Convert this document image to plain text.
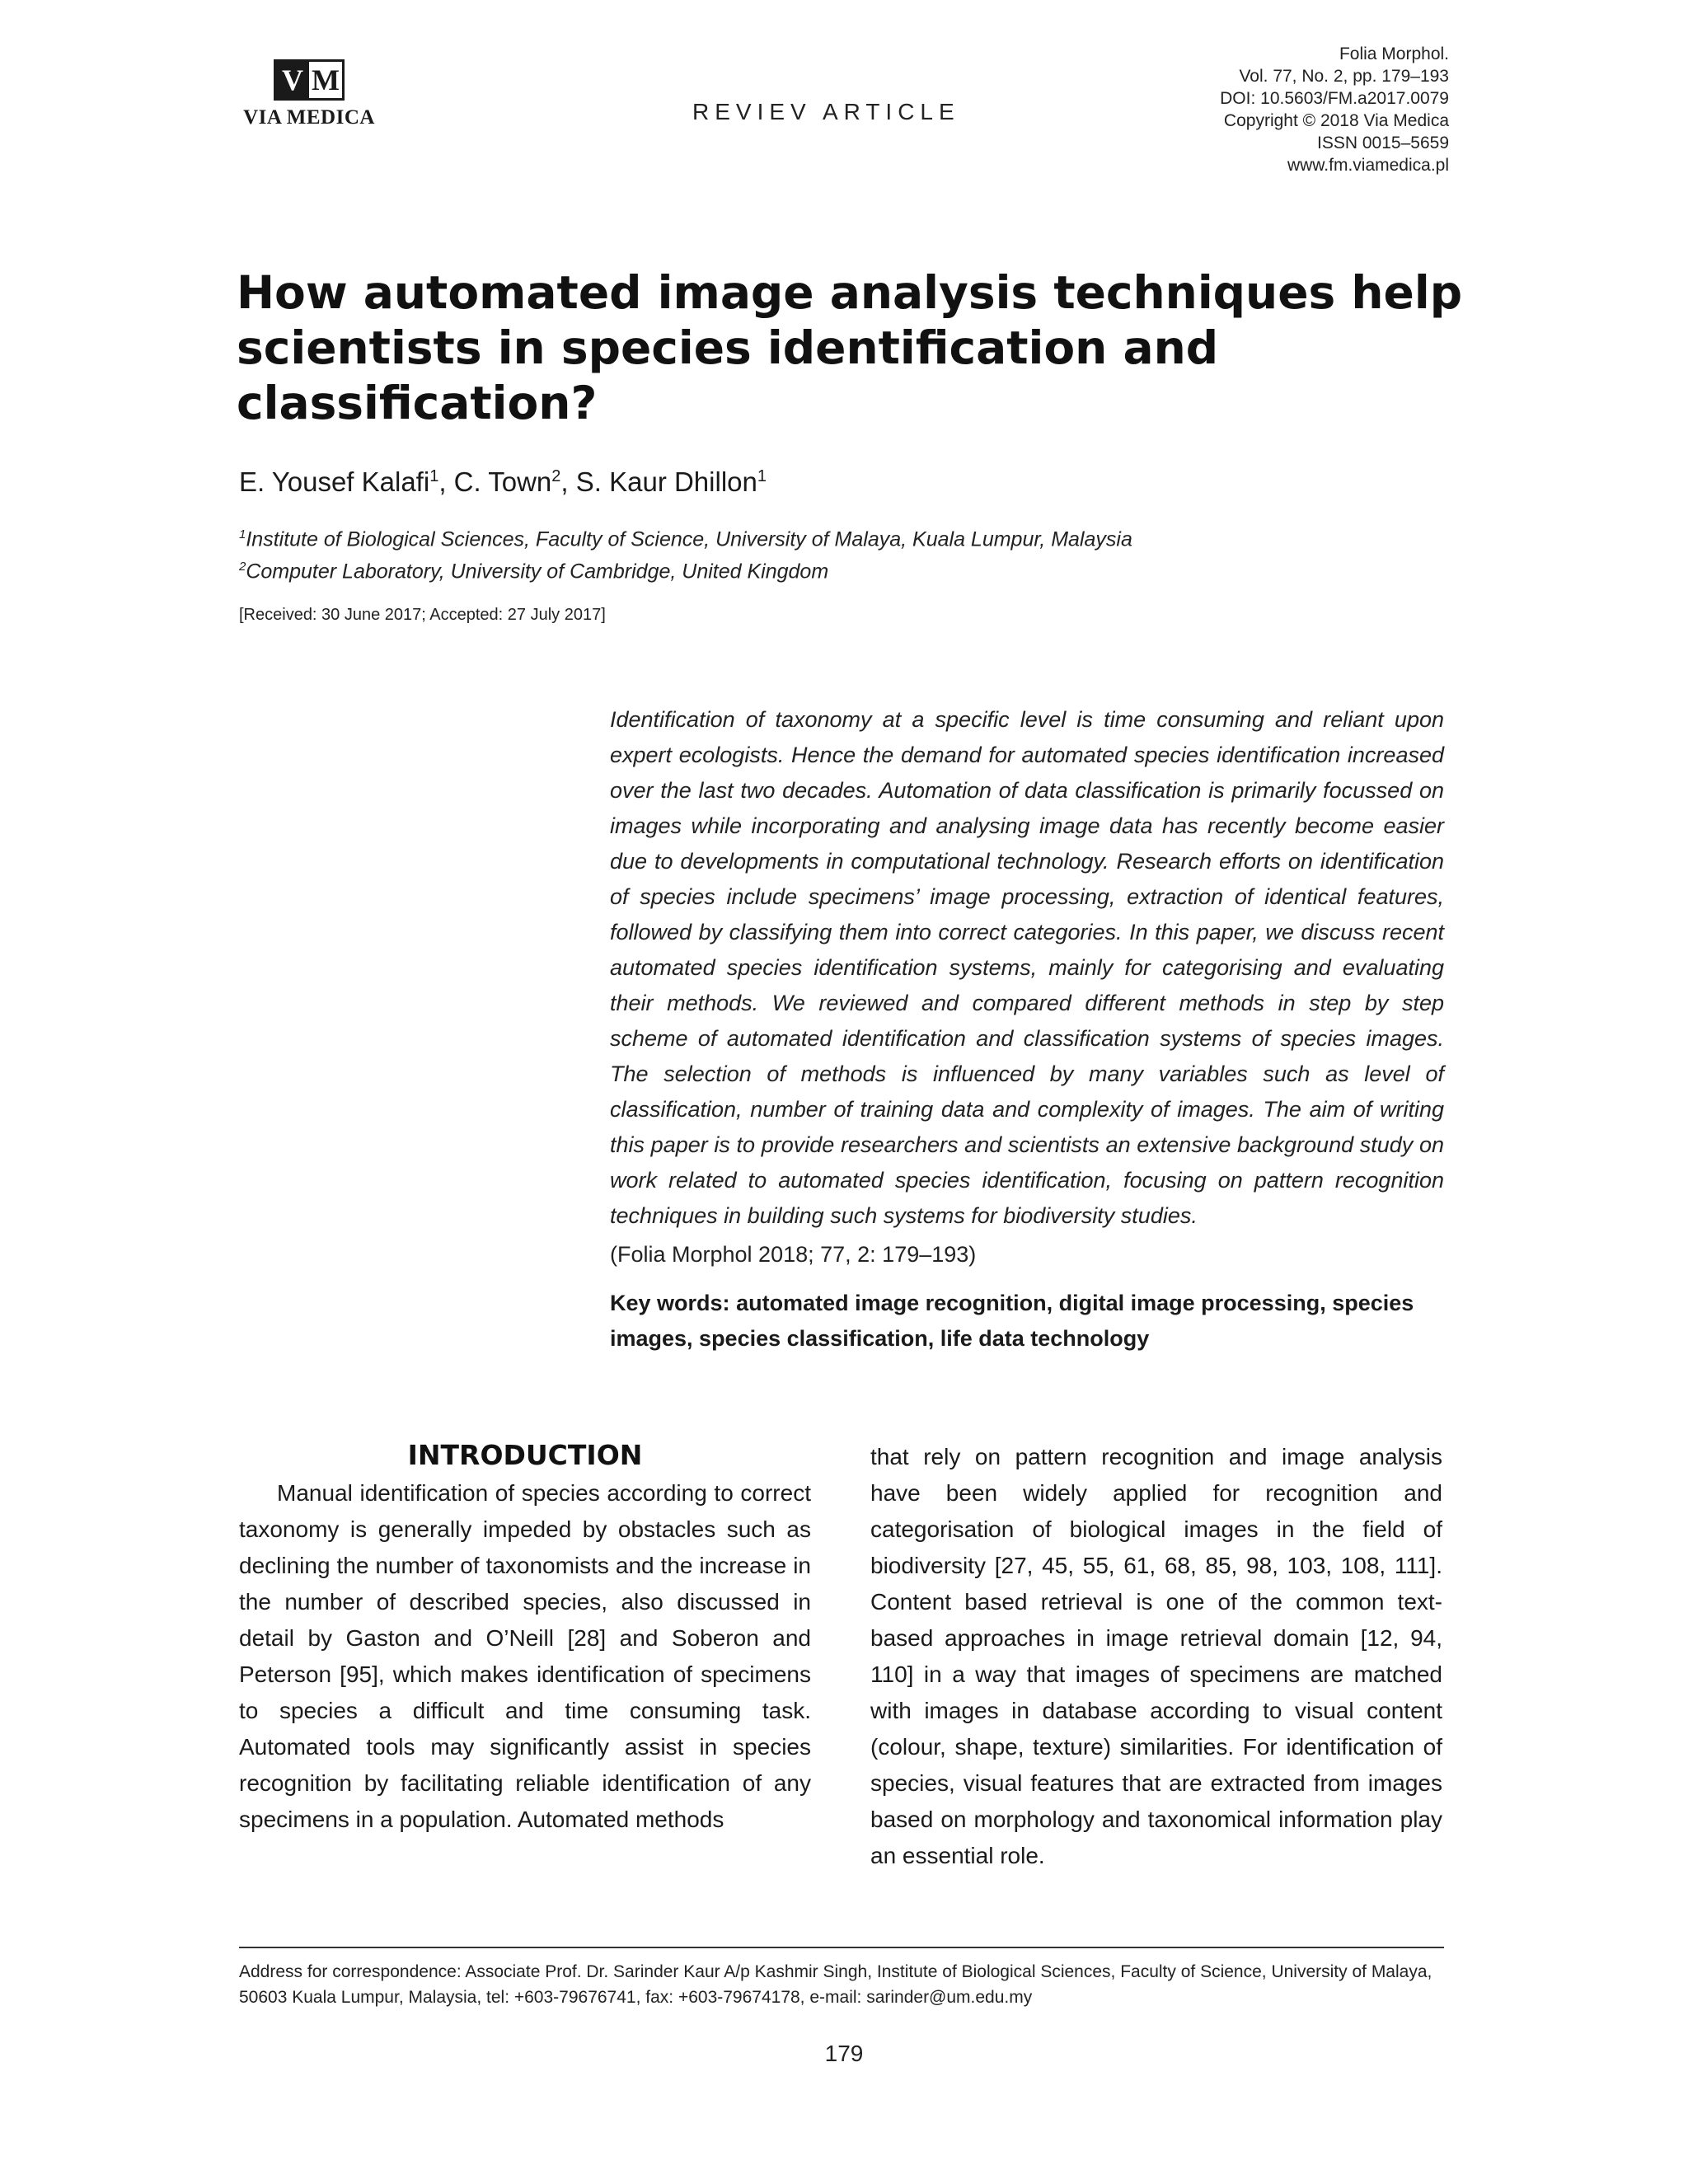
V M
VIA MEDICA	REVIEV ARTICLE
Folia Morphol.
Vol. 77, No. 2, pp. 179–193
DOI: 10.5603/FM.a2017.0079
Copyright © 2018 Via Medica
ISSN 0015–5659
www.fm.viamedica.pl
How automated image analysis techniques help scientists in species identification and classification?
E. Yousef Kalafi$^1$, C. Town$^2$, S. Kaur Dhillon$^1$
$^1$Institute of Biological Sciences, Faculty of Science, University of Malaya, Kuala Lumpur, Malaysia
$^2$Computer Laboratory, University of Cambridge, United Kingdom
[Received: 30 June 2017; Accepted: 27 July 2017]

Identification of taxonomy at a specific level is time consuming and reliant upon expert ecologists. Hence the demand for automated species identification increased over the last two decades. Automation of data classification is primarily focussed on images while incorporating and analysing image data has recently become easier due to developments in computational technology. Research efforts on identification of species include specimens’ image processing, extraction of identical features, followed by classifying them into correct categories. In this paper, we discuss recent automated species identification systems, mainly for categorising and evaluating their methods. We reviewed and compared different methods in step by step scheme of automated identification and classification systems of species images. The selection of methods is influenced by many variables such as level of classification, number of training data and complexity of images. The aim of writing this paper is to provide researchers and scientists an extensive background study on work related to automated species identification, focusing on pattern recognition techniques in building such systems for biodiversity studies.

(Folia Morphol 2018; 77, 2: 179–193)
Key words: automated image recognition, digital image processing, species images, species classification, life data technology
INTRODUCTION

Manual identification of species according to correct taxonomy is generally impeded by obstacles such as declining the number of taxonomists and the increase in the number of described species, also discussed in detail by Gaston and O’Neill [28] and Soberon and Peterson [95], which makes identification of specimens to species a difficult and time consuming task. Automated tools may significantly assist in species recognition by facilitating reliable identification of any specimens in a population. Automated methods

that rely on pattern recognition and image analysis have been widely applied for recognition and categorisation of biological images in the field of biodiversity [27, 45, 55, 61, 68, 85, 98, 103, 108, 111]. Content based retrieval is one of the common text-based approaches in image retrieval domain [12, 94, 110] in a way that images of specimens are matched with images in database according to visual content (colour, shape, texture) similarities. For identification of species, visual features that are extracted from images based on morphology and taxonomical information play an essential role.

Address for correspondence: Associate Prof. Dr. Sarinder Kaur A/p Kashmir Singh, Institute of Biological Sciences, Faculty of Science, University of Malaya, 50603 Kuala Lumpur, Malaysia, tel: +603-79676741, fax: +603-79674178, e-mail: sarinder@um.edu.my
179
